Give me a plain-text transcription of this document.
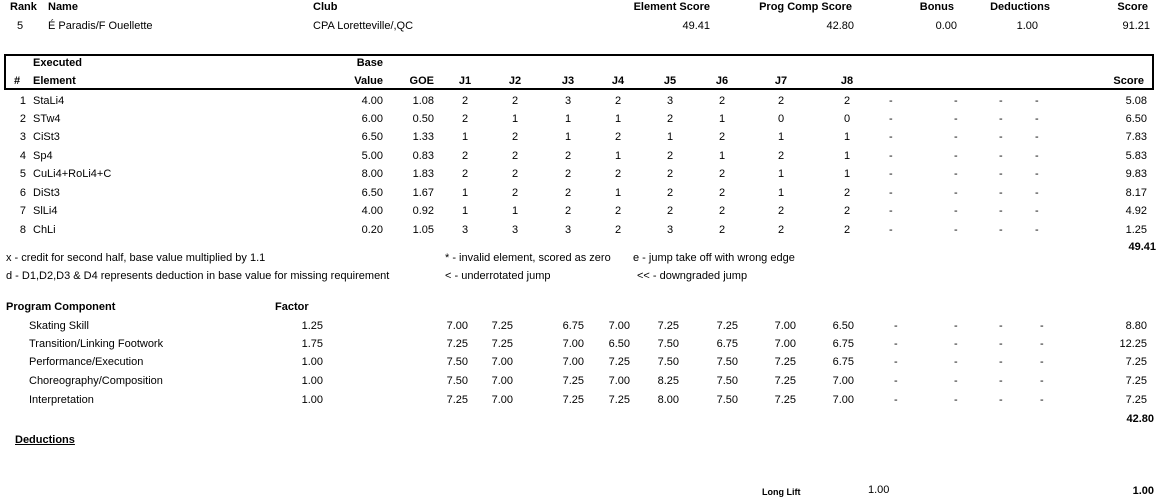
Rank Name	Club	Element Score	Prog Comp Score	Bonus	Deductions	Score
5 É Paradis/F Ouellette	CPA Loretteville/,QC	49.41	42.80	0.00	1.00	91.21
Executed
Element
#
Base
Value	GOE	J1	J2	J3	J4	J5	J6	J7	J8	Score
1 StaLi4	4.00	1.08	2	2	3	2	3	2	2	2	-	-	-	-	5.08
2 STw4	6.00	0.50	2	1	1	1	2	1	0	0	-	-	-	-	6.50
3 CiSt3	6.50	1.33	1	2	1	2	1	2	1	1	-	-	-	-	7.83
4 Sp4	5.00	0.83	2	2	2	1	2	1	2	1	-	-	-	-	5.83
5 CuLi4+RoLi4+C	8.00	1.83	2	2	2	2	2	2	1	1	-	-	-	-	9.83
6 DiSt3	6.50	1.67	1	2	2	1	2	2	1	2	-	-	-	-	8.17
7 SlLi4	4.00	0.92	1	1	2	2	2	2	2	2	-	-	-	-	4.92
8 ChLi	0.20	1.05	3	3	3	2	3	2	2	2	-	-	-	-	1.25
49.41
x - credit for second half, base value multiplied by 1.1	* - invalid element, scored as zero e - jump take off with wrong edge
d - D1,D2,D3 & D4 represents deduction in base value for missing requirement	< - underrotated jump	<< - downgraded jump
Program Component	Factor
Skating Skill	1.25	7.00	7.25	6.75	7.00	7.25	7.25	7.00	6.50	-	-	-	-	8.80
Transition/Linking Footwork	1.75	7.25	7.25	7.00	6.50	7.50	6.75	7.00	6.75	-	-	-	-	12.25
Performance/Execution	1.00	7.50	7.00	7.00	7.25	7.50	7.50	7.25	6.75	-	-	-	-	7.25
Choreography/Composition	1.00	7.50	7.00	7.25	7.00	8.25	7.50	7.25	7.00	-	-	-	-	7.25
Interpretation	1.00	7.25	7.00	7.25	7.25	8.00	7.50	7.25	7.00	-	-	-	-	7.25
42.80
Deductions
Long Lift	1.00	1.00
